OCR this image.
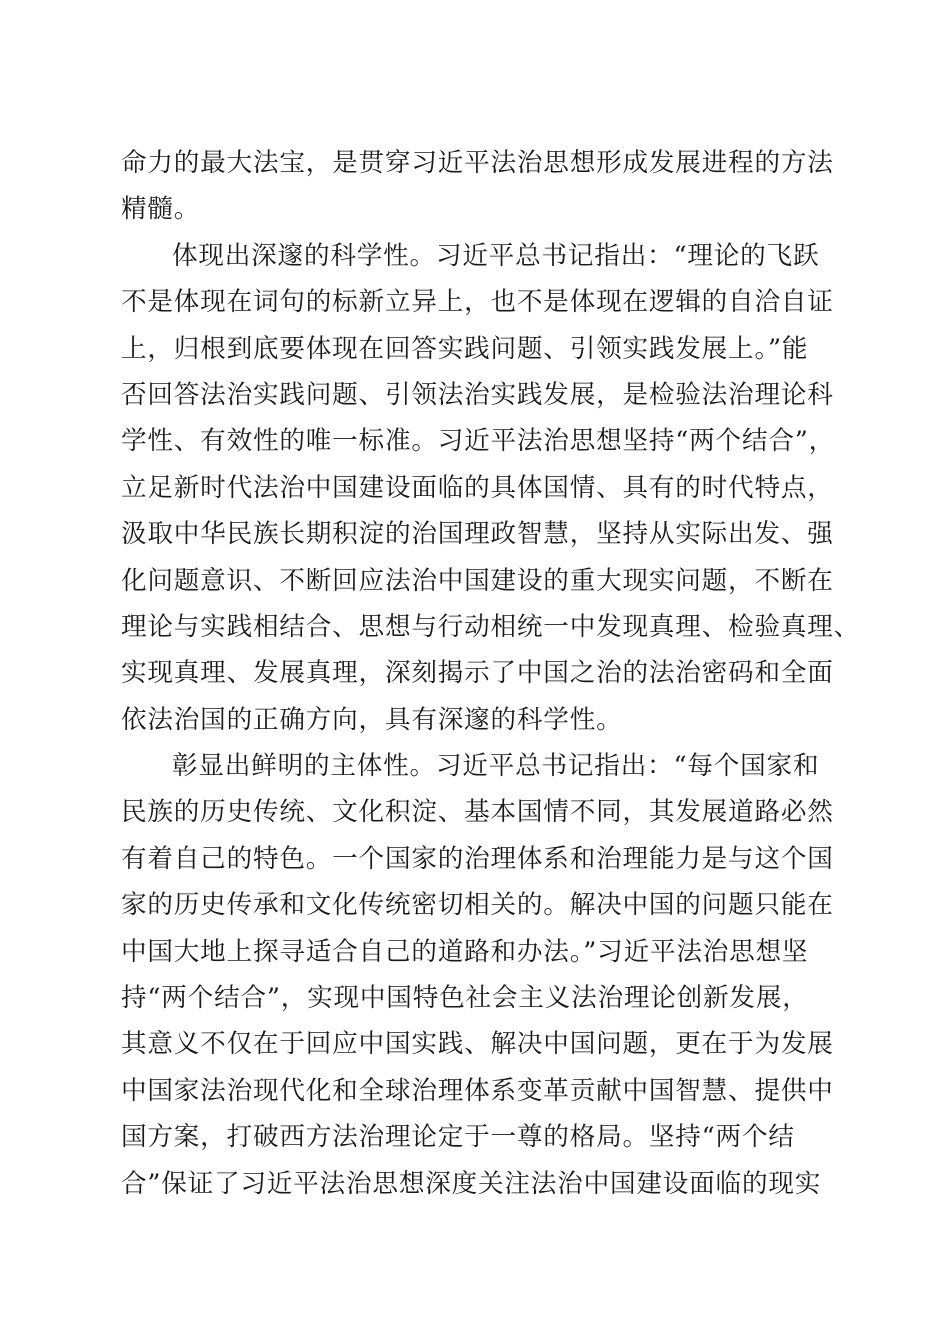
命力的最大法宝，是贯穿习近平法治思想形成发展进程的方法
精髓。
体现出深邃的科学性。习近平总书记指出：“理论的飞跃
不是体现在词句的标新立异上，也不是体现在逻辑的自洽自证
上，归根到底要体现在回答实践问题、引领实践发展上。”能
否回答法治实践问题、引领法治实践发展，是检验法治理论科
学性、有效性的唯一标准。习近平法治思想坚持“两个结合”，
立足新时代法治中国建设面临的具体国情、具有的时代特点，
汲取中华民族长期积淀的治国理政智慧，坚持从实际出发、强
化问题意识、不断回应法治中国建设的重大现实问题，不断在
理论与实践相结合、思想与行动相统一中发现真理、检验真理、
实现真理、发展真理，深刻揭示了中国之治的法治密码和全面
依法治国的正确方向，具有深邃的科学性。
彰显出鲜明的主体性。习近平总书记指出：“每个国家和
民族的历史传统、文化积淀、基本国情不同，其发展道路必然
有着自己的特色。一个国家的治理体系和治理能力是与这个国
家的历史传承和文化传统密切相关的。解决中国的问题只能在
中国大地上探寻适合自己的道路和办法。”习近平法治思想坚
持“两个结合”，实现中国特色社会主义法治理论创新发展，
其意义不仅在于回应中国实践、解决中国问题，更在于为发展
中国家法治现代化和全球治理体系变革贡献中国智慧、提供中
国方案，打破西方法治理论定于一尊的格局。坚持“两个结
合”保证了习近平法治思想深度关注法治中国建设面临的现实
